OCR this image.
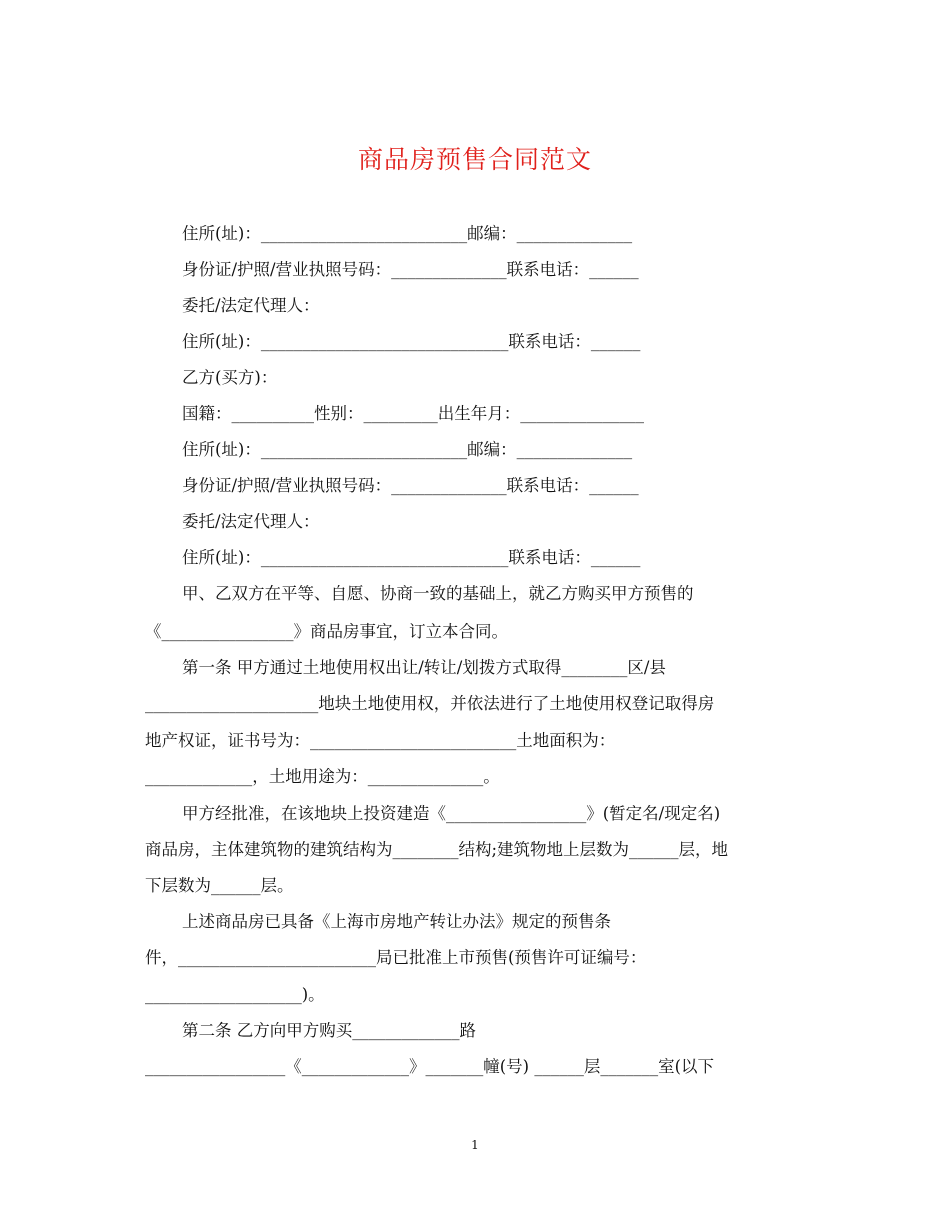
商品房预售合同范文
住所(址)：_________________________邮编：______________
身份证/护照/营业执照号码：______________联系电话：______
委托/法定代理人：
住所(址)：______________________________联系电话：______
乙方(买方)：
国籍：__________性别：_________出生年月：_______________
住所(址)：_________________________邮编：______________
身份证/护照/营业执照号码：______________联系电话：______
委托/法定代理人：
住所(址)：______________________________联系电话：______
甲、乙双方在平等、自愿、协商一致的基础上，就乙方购买甲方预售的
《________________》商品房事宜，订立本合同。
第一条 甲方通过土地使用权出让/转让/划拨方式取得________区/县
_____________________地块土地使用权，并依法进行了土地使用权登记取得房
地产权证，证书号为：_________________________土地面积为：
_____________，土地用途为：______________。
甲方经批准，在该地块上投资建造《_________________》(暂定名/现定名)
商品房，主体建筑物的建筑结构为________结构;建筑物地上层数为______层，地
下层数为______层。
上述商品房已具备《上海市房地产转让办法》规定的预售条
件，________________________局已批准上市预售(预售许可证编号：
___________________)。
第二条 乙方向甲方购买_____________路
_________________《_____________》_______幢(号) ______层_______室(以下
1
